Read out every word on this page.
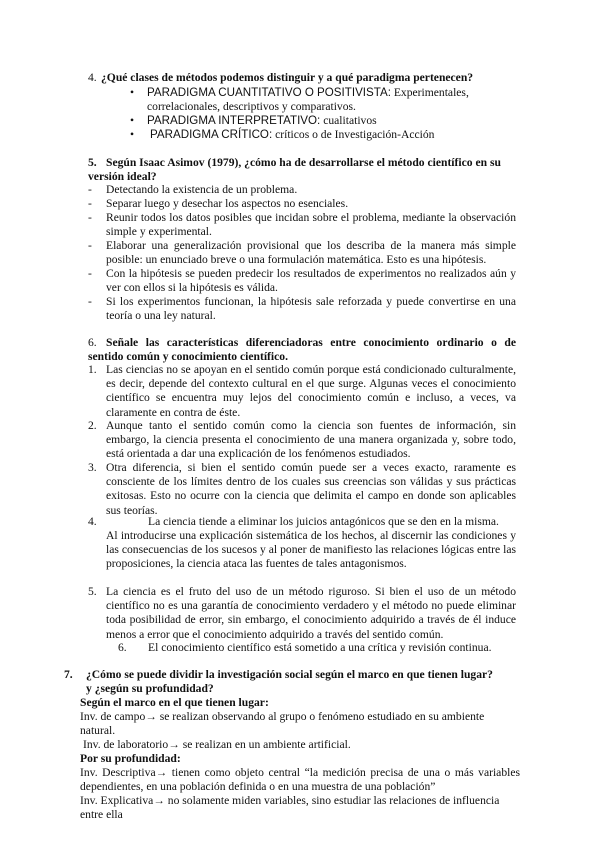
4. ¿Qué clases de métodos podemos distinguir y a qué paradigma pertenecen?
• PARADIGMA CUANTITATIVO O POSITIVISTA: Experimentales, correlacionales, descriptivos y comparativos.
• PARADIGMA INTERPRETATIVO: cualitativos
• PARADIGMA CRÍTICO: críticos o de Investigación-Acción
5. Según Isaac Asimov (1979), ¿cómo ha de desarrollarse el método científico en su versión ideal?
- Detectando la existencia de un problema.
- Separar luego y desechar los aspectos no esenciales.
- Reunir todos los datos posibles que incidan sobre el problema, mediante la observación simple y experimental.
- Elaborar una generalización provisional que los describa de la manera más simple posible: un enunciado breve o una formulación matemática. Esto es una hipótesis.
- Con la hipótesis se pueden predecir los resultados de experimentos no realizados aún y ver con ellos si la hipótesis es válida.
- Si los experimentos funcionan, la hipótesis sale reforzada y puede convertirse en una teoría o una ley natural.
6. Señale las características diferenciadoras entre conocimiento ordinario o de sentido común y conocimiento científico.
1. Las ciencias no se apoyan en el sentido común porque está condicionado culturalmente, es decir, depende del contexto cultural en el que surge. Algunas veces el conocimiento científico se encuentra muy lejos del conocimiento común e incluso, a veces, va claramente en contra de éste.
2. Aunque tanto el sentido común como la ciencia son fuentes de información, sin embargo, la ciencia presenta el conocimiento de una manera organizada y, sobre todo, está orientada a dar una explicación de los fenómenos estudiados.
3. Otra diferencia, si bien el sentido común puede ser a veces exacto, raramente es consciente de los límites dentro de los cuales sus creencias son válidas y sus prácticas exitosas. Esto no ocurre con la ciencia que delimita el campo en donde son aplicables sus teorías.
4.	La ciencia tiende a eliminar los juicios antagónicos que se den en la misma.
Al introducirse una explicación sistemática de los hechos, al discernir las condiciones y las consecuencias de los sucesos y al poner de manifiesto las relaciones lógicas entre las proposiciones, la ciencia ataca las fuentes de tales antagonismos.
5. La ciencia es el fruto del uso de un método riguroso. Si bien el uso de un método científico no es una garantía de conocimiento verdadero y el método no puede eliminar toda posibilidad de error, sin embargo, el conocimiento adquirido a través de él induce menos a error que el conocimiento adquirido a través del sentido común.
6. El conocimiento científico está sometido a una crítica y revisión continua.
7. ¿Cómo se puede dividir la investigación social según el marco en que tienen lugar?
y ¿según su profundidad?
Según el marco en el que tienen lugar:
Inv. de campo→ se realizan observando al grupo o fenómeno estudiado en su ambiente natural.
Inv. de laboratorio→ se realizan en un ambiente artificial.
Por su profundidad:
Inv. Descriptiva→ tienen como objeto central “la medición precisa de una o más variables dependientes, en una población definida o en una muestra de una población”
Inv. Explicativa→ no solamente miden variables, sino estudiar las relaciones de influencia entre ella
